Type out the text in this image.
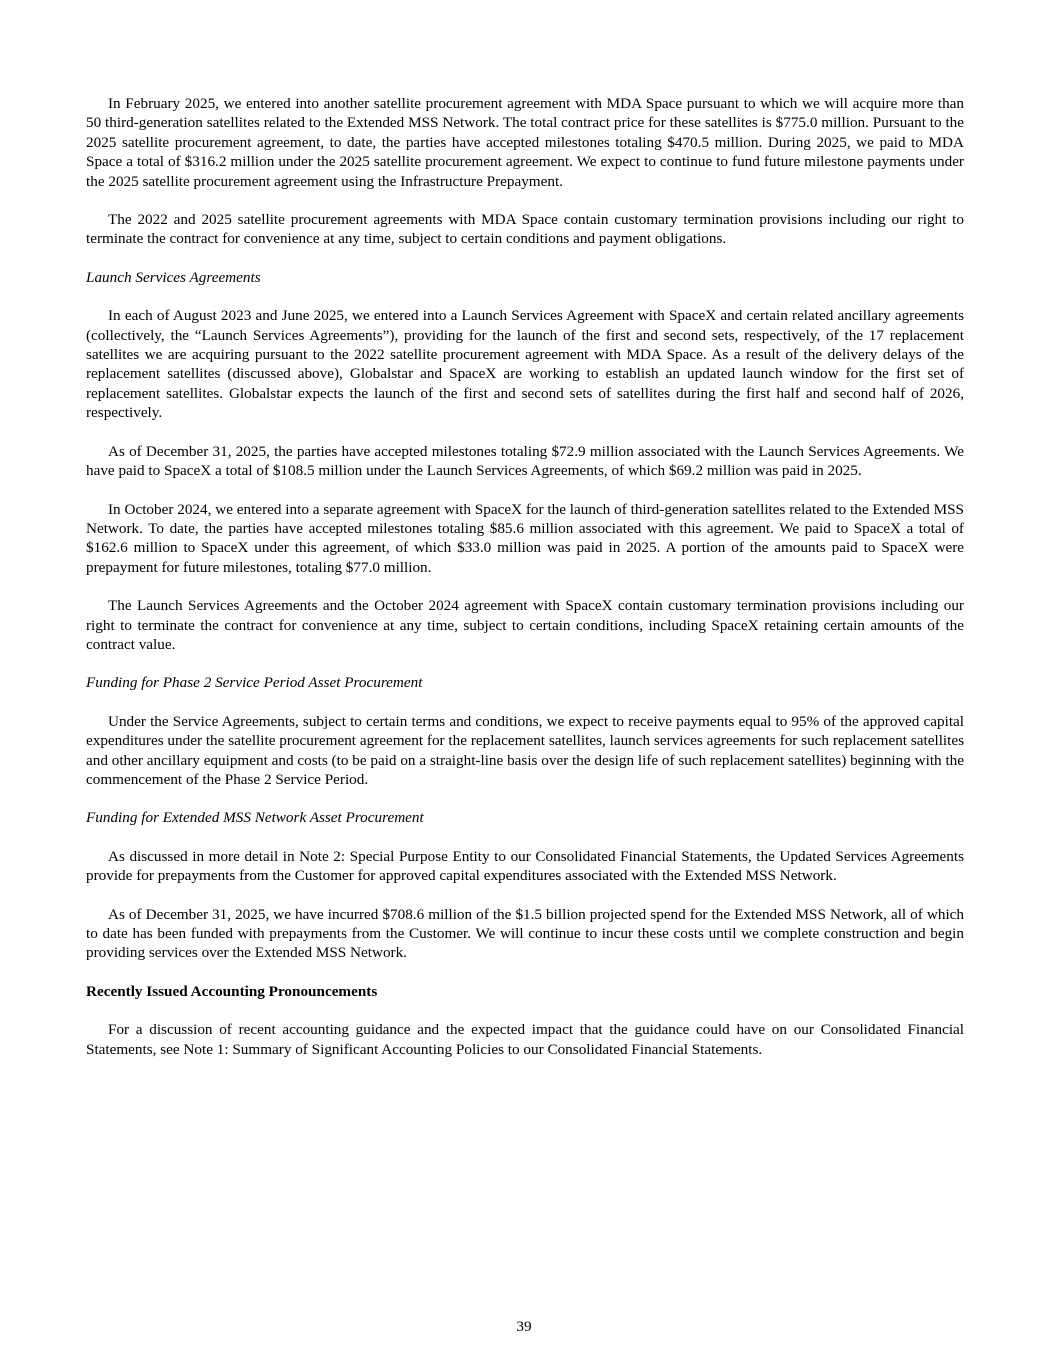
In February 2025, we entered into another satellite procurement agreement with MDA Space pursuant to which we will acquire more than 50 third-generation satellites related to the Extended MSS Network. The total contract price for these satellites is $775.0 million. Pursuant to the 2025 satellite procurement agreement, to date, the parties have accepted milestones totaling $470.5 million. During 2025, we paid to MDA Space a total of $316.2 million under the 2025 satellite procurement agreement. We expect to continue to fund future milestone payments under the 2025 satellite procurement agreement using the Infrastructure Prepayment.

The 2022 and 2025 satellite procurement agreements with MDA Space contain customary termination provisions including our right to terminate the contract for convenience at any time, subject to certain conditions and payment obligations.

Launch Services Agreements

In each of August 2023 and June 2025, we entered into a Launch Services Agreement with SpaceX and certain related ancillary agreements (collectively, the “Launch Services Agreements”), providing for the launch of the first and second sets, respectively, of the 17 replacement satellites we are acquiring pursuant to the 2022 satellite procurement agreement with MDA Space. As a result of the delivery delays of the replacement satellites (discussed above), Globalstar and SpaceX are working to establish an updated launch window for the first set of replacement satellites. Globalstar expects the launch of the first and second sets of satellites during the first half and second half of 2026, respectively.

As of December 31, 2025, the parties have accepted milestones totaling $72.9 million associated with the Launch Services Agreements. We have paid to SpaceX a total of $108.5 million under the Launch Services Agreements, of which $69.2 million was paid in 2025.

In October 2024, we entered into a separate agreement with SpaceX for the launch of third-generation satellites related to the Extended MSS Network. To date, the parties have accepted milestones totaling $85.6 million associated with this agreement. We paid to SpaceX a total of $162.6 million to SpaceX under this agreement, of which $33.0 million was paid in 2025. A portion of the amounts paid to SpaceX were prepayment for future milestones, totaling $77.0 million.

The Launch Services Agreements and the October 2024 agreement with SpaceX contain customary termination provisions including our right to terminate the contract for convenience at any time, subject to certain conditions, including SpaceX retaining certain amounts of the contract value.

Funding for Phase 2 Service Period Asset Procurement

Under the Service Agreements, subject to certain terms and conditions, we expect to receive payments equal to 95% of the approved capital expenditures under the satellite procurement agreement for the replacement satellites, launch services agreements for such replacement satellites and other ancillary equipment and costs (to be paid on a straight-line basis over the design life of such replacement satellites) beginning with the commencement of the Phase 2 Service Period.

Funding for Extended MSS Network Asset Procurement

As discussed in more detail in Note 2: Special Purpose Entity to our Consolidated Financial Statements, the Updated Services Agreements provide for prepayments from the Customer for approved capital expenditures associated with the Extended MSS Network.

As of December 31, 2025, we have incurred $708.6 million of the $1.5 billion projected spend for the Extended MSS Network, all of which to date has been funded with prepayments from the Customer. We will continue to incur these costs until we complete construction and begin providing services over the Extended MSS Network.

Recently Issued Accounting Pronouncements

For a discussion of recent accounting guidance and the expected impact that the guidance could have on our Consolidated Financial Statements, see Note 1: Summary of Significant Accounting Policies to our Consolidated Financial Statements.

39
